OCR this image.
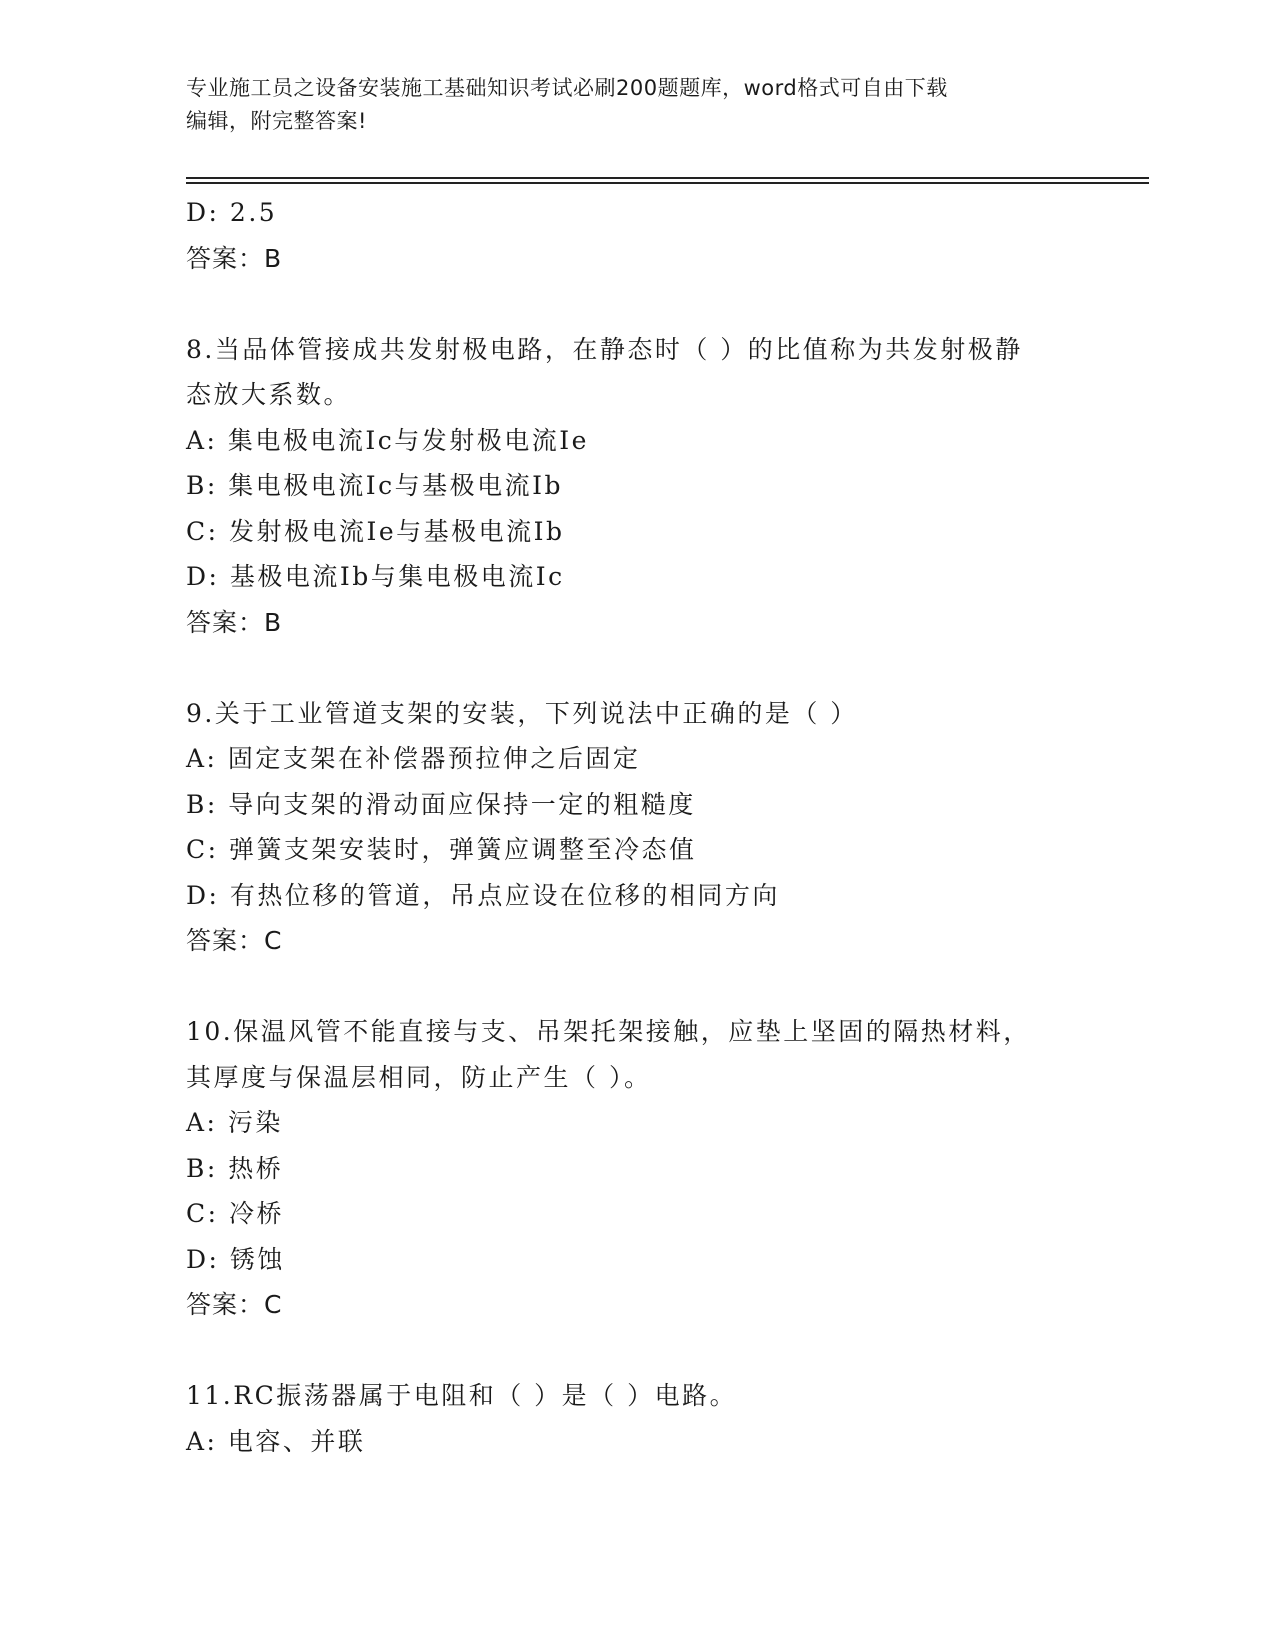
专业施工员之设备安装施工基础知识考试必刷200题题库，word格式可自由下载
编辑，附完整答案!
D: 2.5
答案：B
8.当品体管接成共发射极电路，在静态时（ ）的比值称为共发射极静
态放大系数。
A: 集电极电流Ic与发射极电流Ie
B: 集电极电流Ic与基极电流Ib
C: 发射极电流Ie与基极电流Ib
D: 基极电流Ib与集电极电流Ic
答案：B
9.关于工业管道支架的安装，下列说法中正确的是（ ）
A: 固定支架在补偿器预拉伸之后固定
B: 导向支架的滑动面应保持一定的粗糙度
C: 弹簧支架安装时，弹簧应调整至冷态值
D: 有热位移的管道，吊点应设在位移的相同方向
答案：C
10.保温风管不能直接与支、吊架托架接触，应垫上坚固的隔热材料，
其厚度与保温层相同，防止产生（ ）。
A: 污染
B: 热桥
C: 冷桥
D: 锈蚀
答案：C
11.RC振荡器属于电阻和（ ）是（ ）电路。
A: 电容、并联
